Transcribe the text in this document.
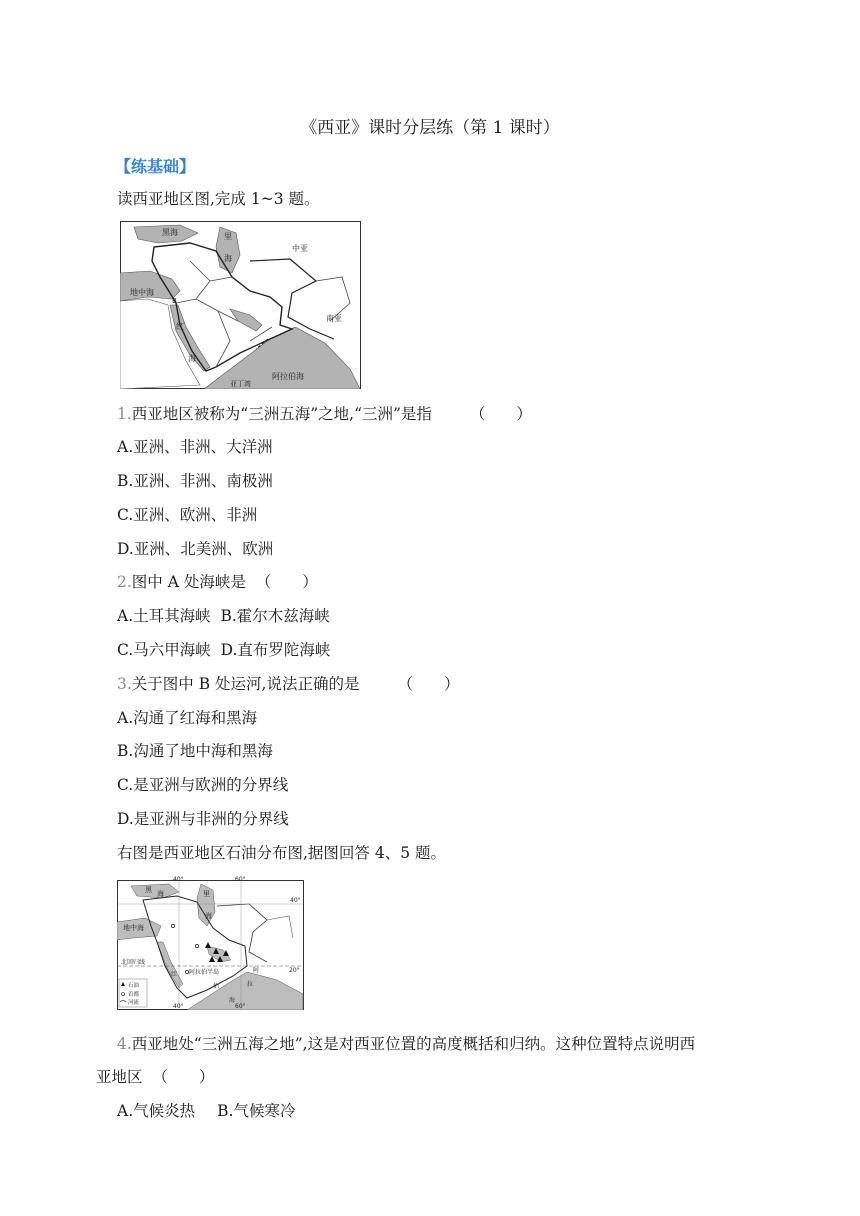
《西亚》课时分层练（第 1 课时）
【练基础】
读西亚地区图,完成 1~3 题。
黑海	里
海
中亚
地中海
南亚
红
海
阿拉伯海
亚丁湾
B
1.西亚地区被称为“三洲五海”之地,“三洲”是指 （　　）
A.亚洲、非洲、大洋洲
B.亚洲、非洲、南极洲
C.亚洲、欧洲、非洲
D.亚洲、北美洲、欧洲
2.图中 A 处海峡是 （　　）
A.土耳其海峡 B.霍尔木兹海峡
C.马六甲海峡 D.直布罗陀海峡
3.关于图中 B 处运河,说法正确的是 （　　）
A.沟通了红海和黑海
B.沟通了地中海和黑海
C.是亚洲与欧洲的分界线
D.是亚洲与非洲的分界线
右图是西亚地区石油分布图,据图回答 4、5 题。
石油
首都
河流
40°	60°
40°
黑 海	里
海
地中海
北回归线
红 阿拉伯半岛	阿
拉
伯
海
20°
40°	60°
4.西亚地处“三洲五海之地”,这是对西亚位置的高度概括和归纳。这种位置特点说明西
亚地区 （　　）
A.气候炎热 B.气候寒冷
